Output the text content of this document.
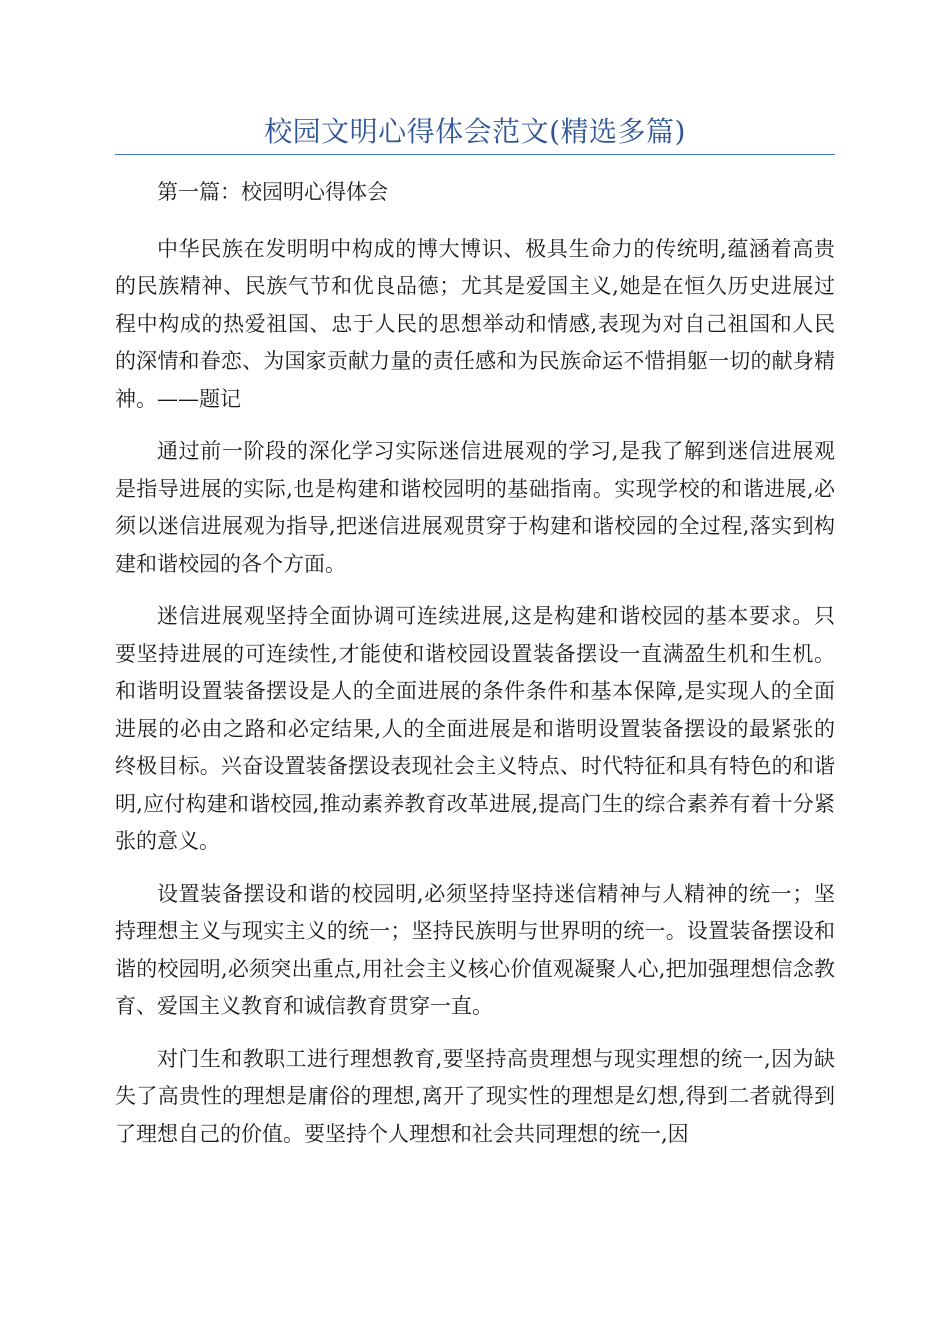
校园文明心得体会范文(精选多篇)

第一篇：校园明心得体会

中华民族在发明明中构成的博大博识、极具生命力的传统明,蕴涵着高贵的民族精神、民族气节和优良品德；尤其是爱国主义,她是在恒久历史进展过程中构成的热爱祖国、忠于人民的思想举动和情感,表现为对自己祖国和人民的深情和眷恋、为国家贡献力量的责任感和为民族命运不惜捐躯一切的献身精神。——题记

通过前一阶段的深化学习实际迷信进展观的学习,是我了解到迷信进展观是指导进展的实际,也是构建和谐校园明的基础指南。实现学校的和谐进展,必须以迷信进展观为指导,把迷信进展观贯穿于构建和谐校园的全过程,落实到构建和谐校园的各个方面。

迷信进展观坚持全面协调可连续进展,这是构建和谐校园的基本要求。只要坚持进展的可连续性,才能使和谐校园设置装备摆设一直满盈生机和生机。和谐明设置装备摆设是人的全面进展的条件条件和基本保障,是实现人的全面进展的必由之路和必定结果,人的全面进展是和谐明设置装备摆设的最紧张的终极目标。兴奋设置装备摆设表现社会主义特点、时代特征和具有特色的和谐明,应付构建和谐校园,推动素养教育改革进展,提高门生的综合素养有着十分紧张的意义。

设置装备摆设和谐的校园明,必须坚持坚持迷信精神与人精神的统一；坚持理想主义与现实主义的统一；坚持民族明与世界明的统一。设置装备摆设和谐的校园明,必须突出重点,用社会主义核心价值观凝聚人心,把加强理想信念教育、爱国主义教育和诚信教育贯穿一直。

对门生和教职工进行理想教育,要坚持高贵理想与现实理想的统一,因为缺失了高贵性的理想是庸俗的理想,离开了现实性的理想是幻想,得到二者就得到了理想自己的价值。要坚持个人理想和社会共同理想的统一,因
